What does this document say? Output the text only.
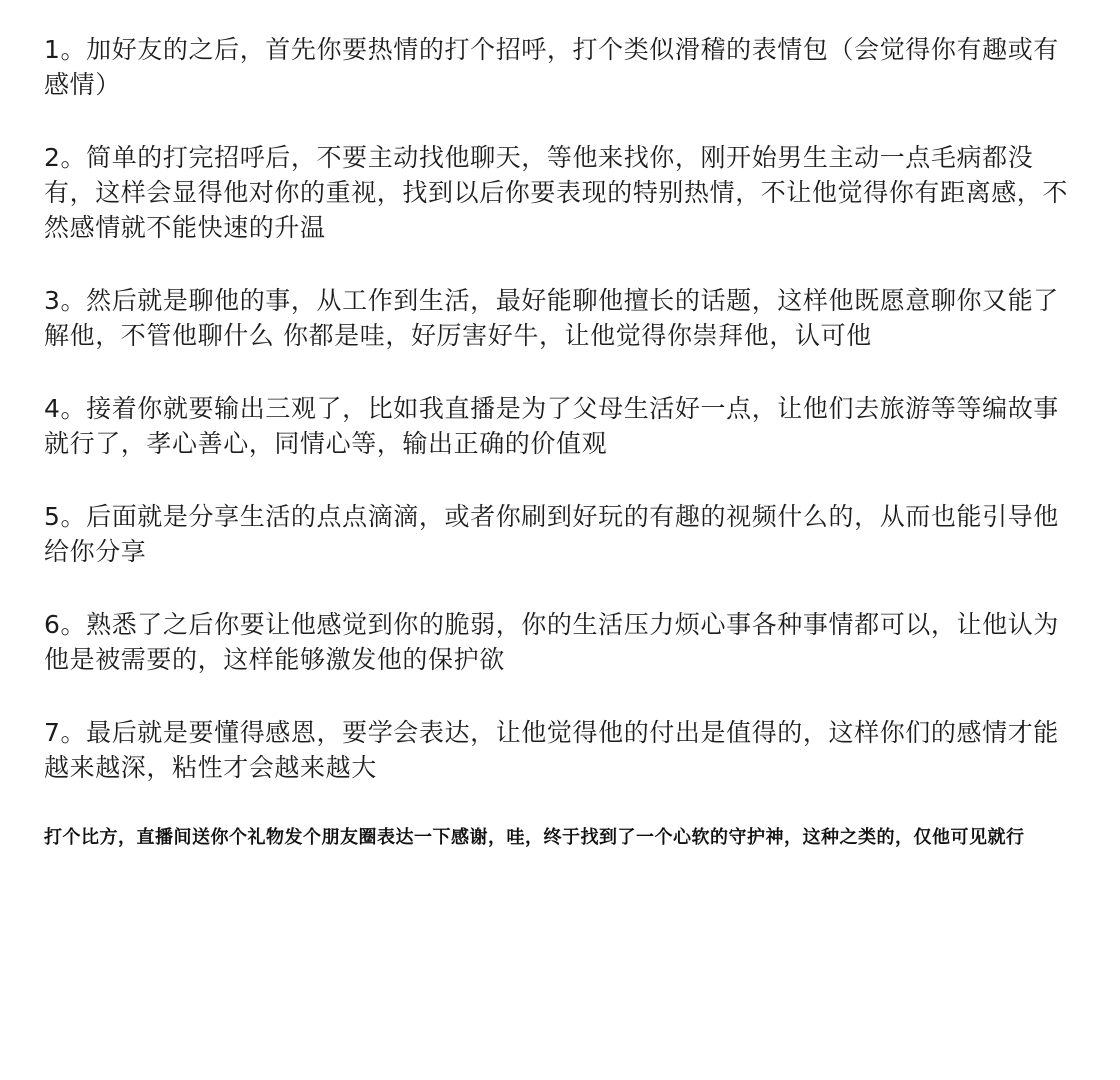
1。加好友的之后，首先你要热情的打个招呼，打个类似滑稽的表情包（会觉得你有趣或有感情）

2。简单的打完招呼后，不要主动找他聊天，等他来找你，刚开始男生主动一点毛病都没有，这样会显得他对你的重视，找到以后你要表现的特别热情，不让他觉得你有距离感，不然感情就不能快速的升温

3。然后就是聊他的事，从工作到生活，最好能聊他擅长的话题，这样他既愿意聊你又能了解他，不管他聊什么 你都是哇，好厉害好牛，让他觉得你崇拜他，认可他

4。接着你就要输出三观了，比如我直播是为了父母生活好一点，让他们去旅游等等编故事就行了，孝心善心，同情心等，输出正确的价值观

5。后面就是分享生活的点点滴滴，或者你刷到好玩的有趣的视频什么的，从而也能引导他给你分享

6。熟悉了之后你要让他感觉到你的脆弱，你的生活压力烦心事各种事情都可以，让他认为他是被需要的，这样能够激发他的保护欲

7。最后就是要懂得感恩，要学会表达，让他觉得他的付出是值得的，这样你们的感情才能越来越深，粘性才会越来越大

打个比方，直播间送你个礼物发个朋友圈表达一下感谢，哇，终于找到了一个心软的守护神，这种之类的，仅他可见就行
